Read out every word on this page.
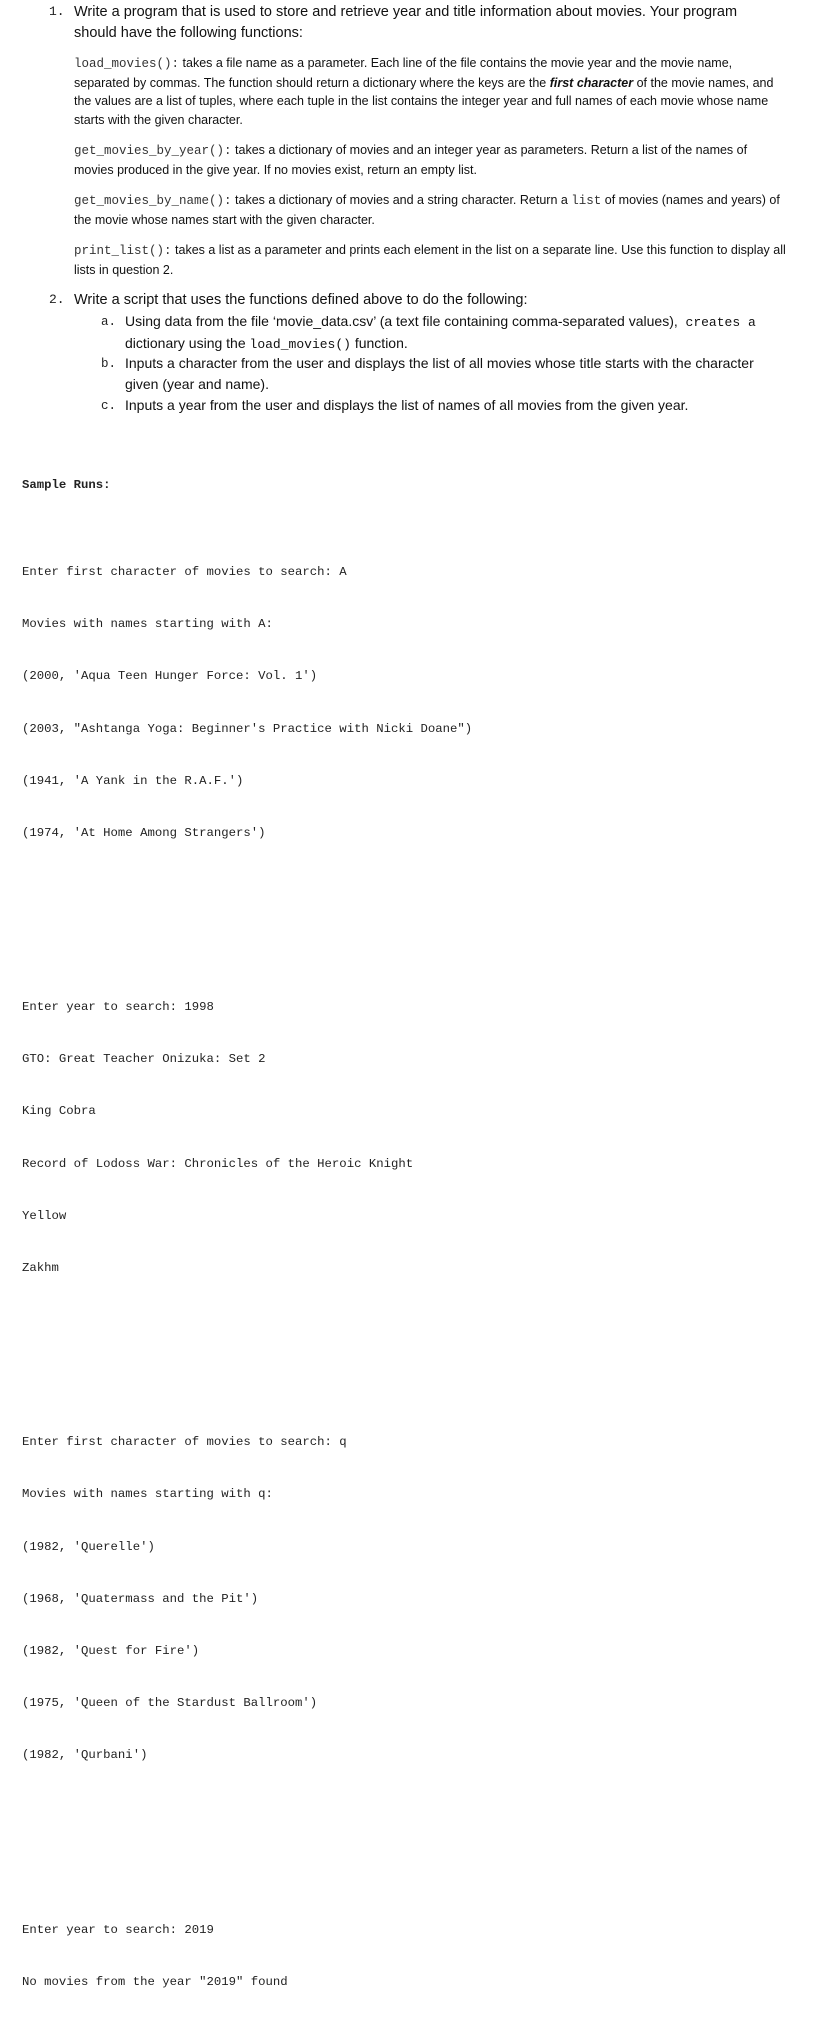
1. Write a program that is used to store and retrieve year and title information about movies. Your program
should have the following functions:
load_movies(): takes a file name as a parameter. Each line of the file contains the movie year and the movie name, separated by commas. The function should return a dictionary where the keys are the first character of the movie names, and the values are a list of tuples, where each tuple in the list contains the integer year and full names of each movie whose name starts with the given character.
get_movies_by_year(): takes a dictionary of movies and an integer year as parameters. Return a list of the names of movies produced in the give year. If no movies exist, return an empty list.
get_movies_by_name(): takes a dictionary of movies and a string character. Return a list of movies (names and years) of the movie whose names start with the given character.
print_list(): takes a list as a parameter and prints each element in the list on a separate line. Use this function to display all lists in question 2.
2. Write a script that uses the functions defined above to do the following:
a. Using data from the file ‘movie_data.csv’ (a text file containing comma-separated values), creates a
dictionary using the load_movies() function.
b. Inputs a character from the user and displays the list of all movies whose title starts with the character
given (year and name).
c. Inputs a year from the user and displays the list of names of all movies from the given year.

Sample Runs:

Enter first character of movies to search: A

Movies with names starting with A:

(2000, 'Aqua Teen Hunger Force: Vol. 1')

(2003, "Ashtanga Yoga: Beginner's Practice with Nicki Doane")

(1941, 'A Yank in the R.A.F.')

(1974, 'At Home Among Strangers')

Enter year to search: 1998

GTO: Great Teacher Onizuka: Set 2

King Cobra

Record of Lodoss War: Chronicles of the Heroic Knight

Yellow

Zakhm

Enter first character of movies to search: q

Movies with names starting with q:

(1982, 'Querelle')

(1968, 'Quatermass and the Pit')

(1982, 'Quest for Fire')

(1975, 'Queen of the Stardust Ballroom')

(1982, 'Qurbani')

Enter year to search: 2019

No movies from the year "2019" found
